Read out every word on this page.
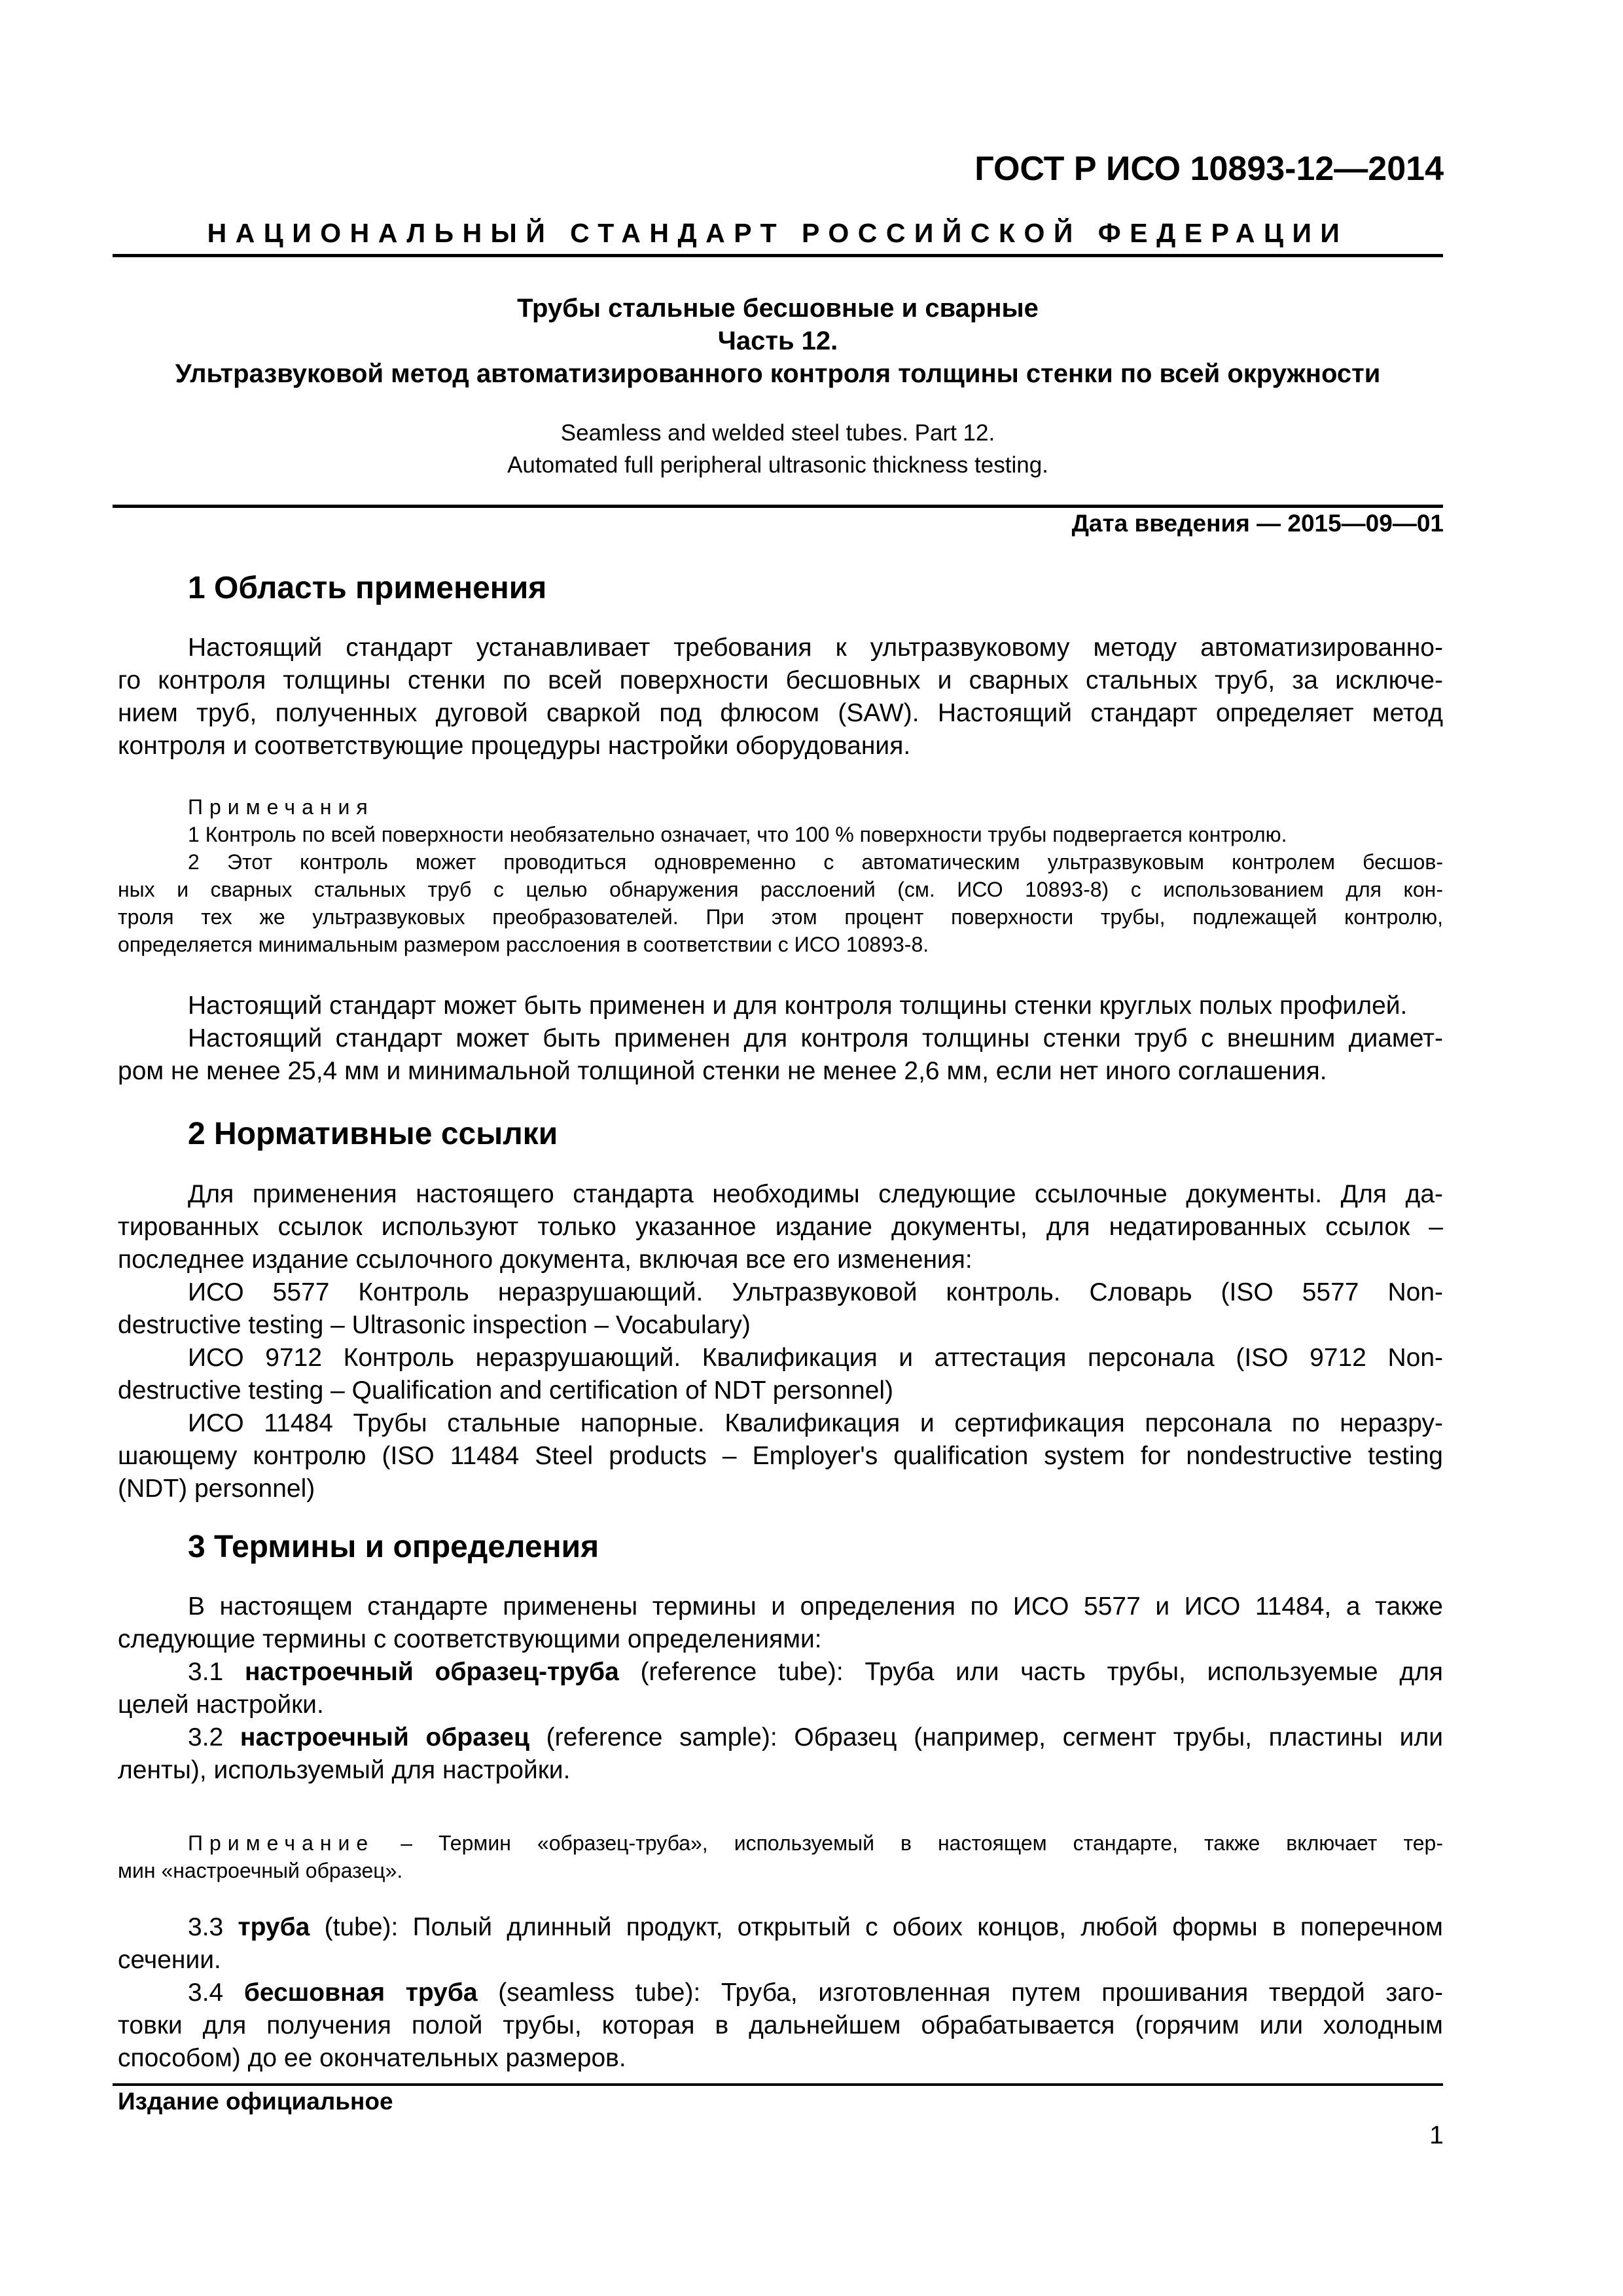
ГОСТ Р ИСО 10893-12—2014
НАЦИОНАЛЬНЫЙ СТАНДАРТ РОССИЙСКОЙ ФЕДЕРАЦИИ
Трубы стальные бесшовные и сварные
Часть 12.
Ультразвуковой метод автоматизированного контроля толщины стенки по всей окружности
Seamless and welded steel tubes. Part 12.
Automated full peripheral ultrasonic thickness testing.
Дата введения — 2015—09—01
1 Область применения
Настоящий стандарт устанавливает требования к ультразвуковому методу автоматизированно-
го контроля толщины стенки по всей поверхности бесшовных и сварных стальных труб, за исключе-
нием труб, полученных дуговой сваркой под флюсом (SAW). Настоящий стандарт определяет метод
контроля и соответствующие процедуры настройки оборудования.
Примечания
1 Контроль по всей поверхности необязательно означает, что 100 % поверхности трубы подвергается контролю.
2 Этот контроль может проводиться одновременно с автоматическим ультразвуковым контролем бесшов-
ных и сварных стальных труб с целью обнаружения расслоений (см. ИСО 10893-8) с использованием для кон-
троля тех же ультразвуковых преобразователей. При этом процент поверхности трубы, подлежащей контролю,
определяется минимальным размером расслоения в соответствии с ИСО 10893-8.
Настоящий стандарт может быть применен и для контроля толщины стенки круглых полых профилей.
Настоящий стандарт может быть применен для контроля толщины стенки труб с внешним диамет-
ром не менее 25,4 мм и минимальной толщиной стенки не менее 2,6 мм, если нет иного соглашения.
2 Нормативные ссылки
Для применения настоящего стандарта необходимы следующие ссылочные документы. Для да-
тированных ссылок используют только указанное издание документы, для недатированных ссылок –
последнее издание ссылочного документа, включая все его изменения:
ИСО 5577 Контроль неразрушающий. Ультразвуковой контроль. Словарь (ISO 5577 Non-
destructive testing – Ultrasonic inspection – Vocabulary)
ИСО 9712 Контроль неразрушающий. Квалификация и аттестация персонала (ISO 9712 Non-
destructive testing – Qualification and certification of NDT personnel)
ИСО 11484 Трубы стальные напорные. Квалификация и сертификация персонала по неразру-
шающему контролю (ISO 11484 Steel products – Employer's qualification system for nondestructive testing
(NDT) personnel)
3 Термины и определения
В настоящем стандарте применены термины и определения по ИСО 5577 и ИСО 11484, а также
следующие термины с соответствующими определениями:
3.1 настроечный образец-труба (reference tube): Труба или часть трубы, используемые для
целей настройки.
3.2 настроечный образец (reference sample): Образец (например, сегмент трубы, пластины или
ленты), используемый для настройки.
Примечание – Термин «образец-труба», используемый в настоящем стандарте, также включает тер-
мин «настроечный образец».
3.3 труба (tube): Полый длинный продукт, открытый с обоих концов, любой формы в поперечном
сечении.
3.4 бесшовная труба (seamless tube): Труба, изготовленная путем прошивания твердой заго-
товки для получения полой трубы, которая в дальнейшем обрабатывается (горячим или холодным
способом) до ее окончательных размеров.
Издание официальное
1
